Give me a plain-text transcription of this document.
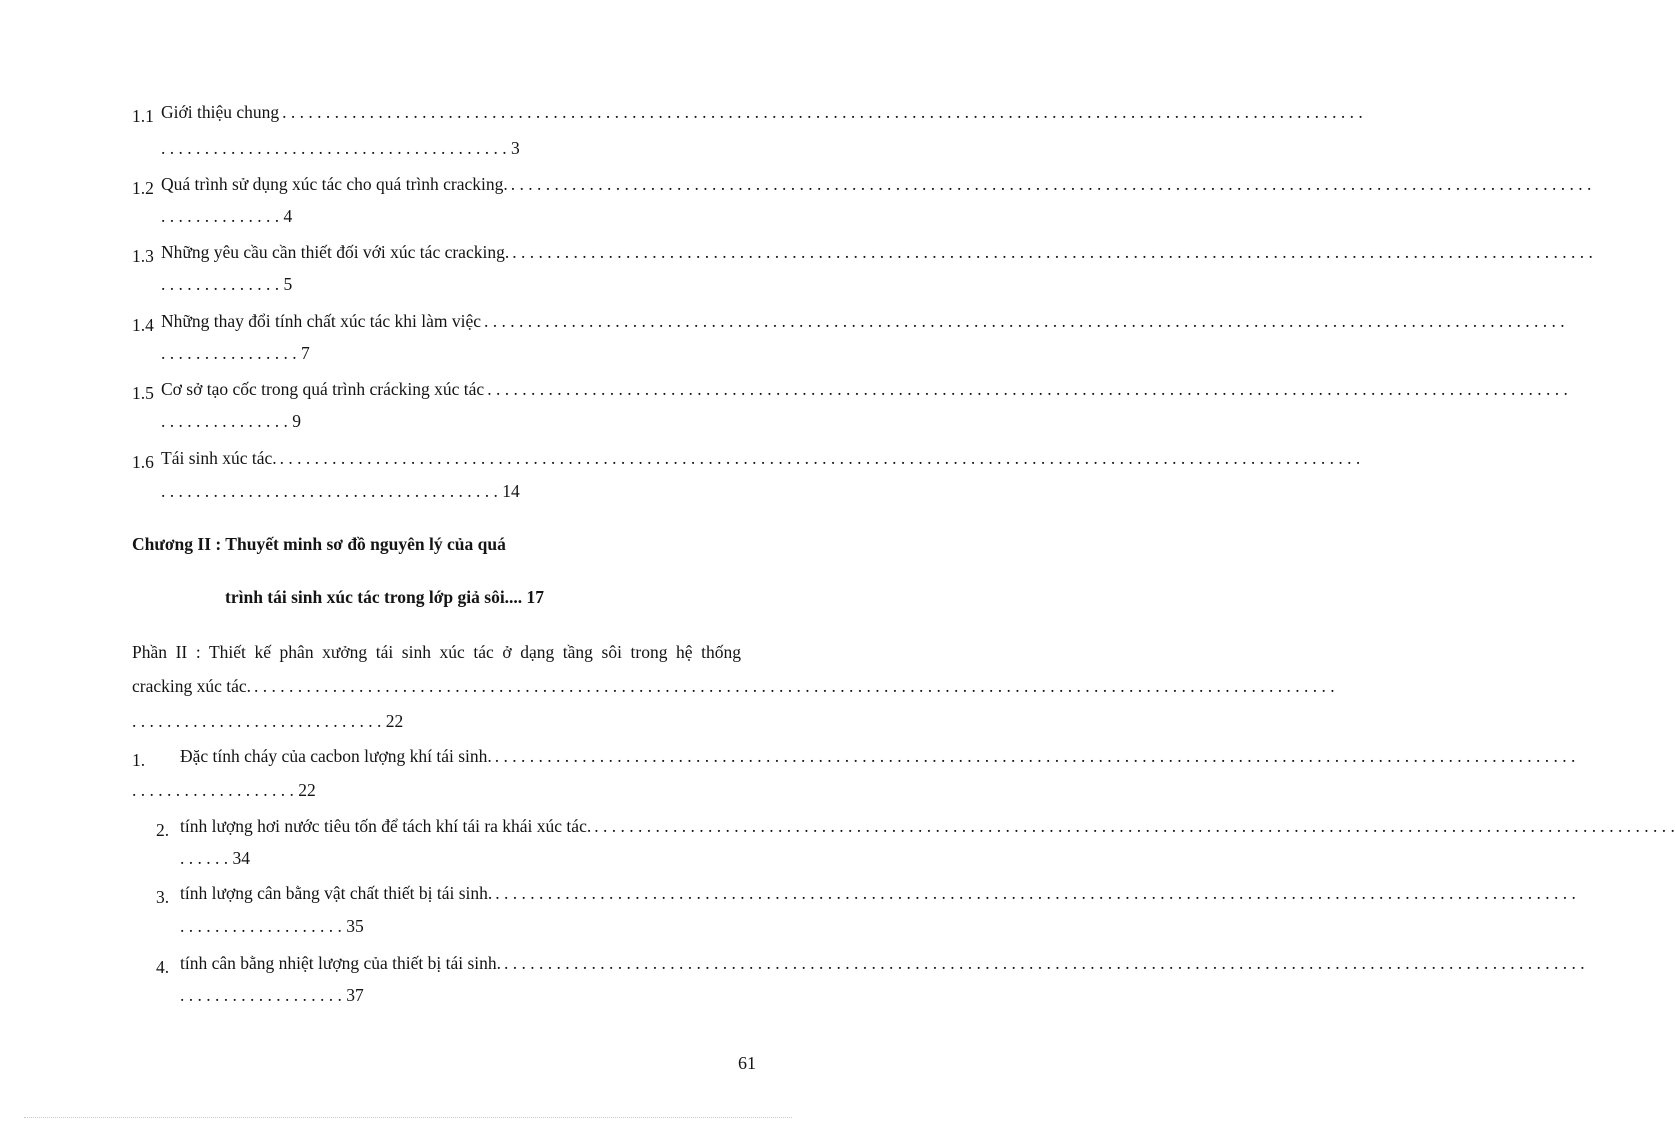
1.1 Giới thiệu chung . . . . . . . . . . . . . . . . . . . . . . . . . . . . . . . . . . . . . . . . . . . . . . . . . . . . . . . . . . . . . . . . . . . . . . . . . . . . . . . . . . . . . . . . . . . . . . . . . . . . . . . . . . . . . . . . . . . . . . . . . . . .
. . . . . . . . . . . . . . . . . . . . . . . . . . . . . . . . . . . . . . . . 3
1.2 Quá trình sử dụng xúc tác cho quá trình cracking. . . . . . . . . . . . . . . . . . . . . . . . . . . . . . . . . . . . . . . . . . . . . . . . . . . . . . . . . . . . . . . . . . . . . . . . . . . . . . . . . . . . . . . . . . . . . . . . . . . . . . . . . . . . . . . . . . . . . . . . . . . . .
. . . . . . . . . . . . . . 4
1.3 Những yêu cầu cần thiết đối với xúc tác cracking. . . . . . . . . . . . . . . . . . . . . . . . . . . . . . . . . . . . . . . . . . . . . . . . . . . . . . . . . . . . . . . . . . . . . . . . . . . . . . . . . . . . . . . . . . . . . . . . . . . . . . . . . . . . . . . . . . . . . . . . . . . . .
. . . . . . . . . . . . . . 5
1.4 Những thay đổi tính chất xúc tác khi làm việc . . . . . . . . . . . . . . . . . . . . . . . . . . . . . . . . . . . . . . . . . . . . . . . . . . . . . . . . . . . . . . . . . . . . . . . . . . . . . . . . . . . . . . . . . . . . . . . . . . . . . . . . . . . . . . . . . . . . . . . . . . . .
. . . . . . . . . . . . . . . . 7
1.5 Cơ sở tạo cốc trong quá trình crácking xúc tác . . . . . . . . . . . . . . . . . . . . . . . . . . . . . . . . . . . . . . . . . . . . . . . . . . . . . . . . . . . . . . . . . . . . . . . . . . . . . . . . . . . . . . . . . . . . . . . . . . . . . . . . . . . . . . . . . . . . . . . . . . . .
. . . . . . . . . . . . . . . 9
1.6 Tái sinh xúc tác. . . . . . . . . . . . . . . . . . . . . . . . . . . . . . . . . . . . . . . . . . . . . . . . . . . . . . . . . . . . . . . . . . . . . . . . . . . . . . . . . . . . . . . . . . . . . . . . . . . . . . . . . . . . . . . . . . . . . . . . . . . . .
. . . . . . . . . . . . . . . . . . . . . . . . . . . . . . . . . . . . . . . 14
Chương II : Thuyết minh sơ đồ nguyên lý của quá
trình tái sinh xúc tác trong lớp giả sôi.... 17
Phần II : Thiết kế phân xưởng tái sinh xúc tác ở dạng tầng sôi trong hệ thống
cracking xúc tác. . . . . . . . . . . . . . . . . . . . . . . . . . . . . . . . . . . . . . . . . . . . . . . . . . . . . . . . . . . . . . . . . . . . . . . . . . . . . . . . . . . . . . . . . . . . . . . . . . . . . . . . . . . . . . . . . . . . . . . . . . . . .
. . . . . . . . . . . . . . . . . . . . . . . . . . . . . 22
1. Đặc tính cháy của cacbon lượng khí tái sinh. . . . . . . . . . . . . . . . . . . . . . . . . . . . . . . . . . . . . . . . . . . . . . . . . . . . . . . . . . . . . . . . . . . . . . . . . . . . . . . . . . . . . . . . . . . . . . . . . . . . . . . . . . . . . . . . . . . . . . . . . . . . .
. . . . . . . . . . . . . . . . . . . 22
2. tính lượng hơi nước tiêu tốn để tách khí tái ra khái xúc tác. . . . . . . . . . . . . . . . . . . . . . . . . . . . . . . . . . . . . . . . . . . . . . . . . . . . . . . . . . . . . . . . . . . . . . . . . . . . . . . . . . . . . . . . . . . . . . . . . . . . . . . . . . . . . . . . . . . . . . . . . . . . .
. . . . . . 34
3. tính lượng cân bằng vật chất thiết bị tái sinh. . . . . . . . . . . . . . . . . . . . . . . . . . . . . . . . . . . . . . . . . . . . . . . . . . . . . . . . . . . . . . . . . . . . . . . . . . . . . . . . . . . . . . . . . . . . . . . . . . . . . . . . . . . . . . . . . . . . . . . . . . . . .
. . . . . . . . . . . . . . . . . . . 35
4. tính cân bằng nhiệt lượng của thiết bị tái sinh. . . . . . . . . . . . . . . . . . . . . . . . . . . . . . . . . . . . . . . . . . . . . . . . . . . . . . . . . . . . . . . . . . . . . . . . . . . . . . . . . . . . . . . . . . . . . . . . . . . . . . . . . . . . . . . . . . . . . . . . . . . . .
. . . . . . . . . . . . . . . . . . . 37
61
